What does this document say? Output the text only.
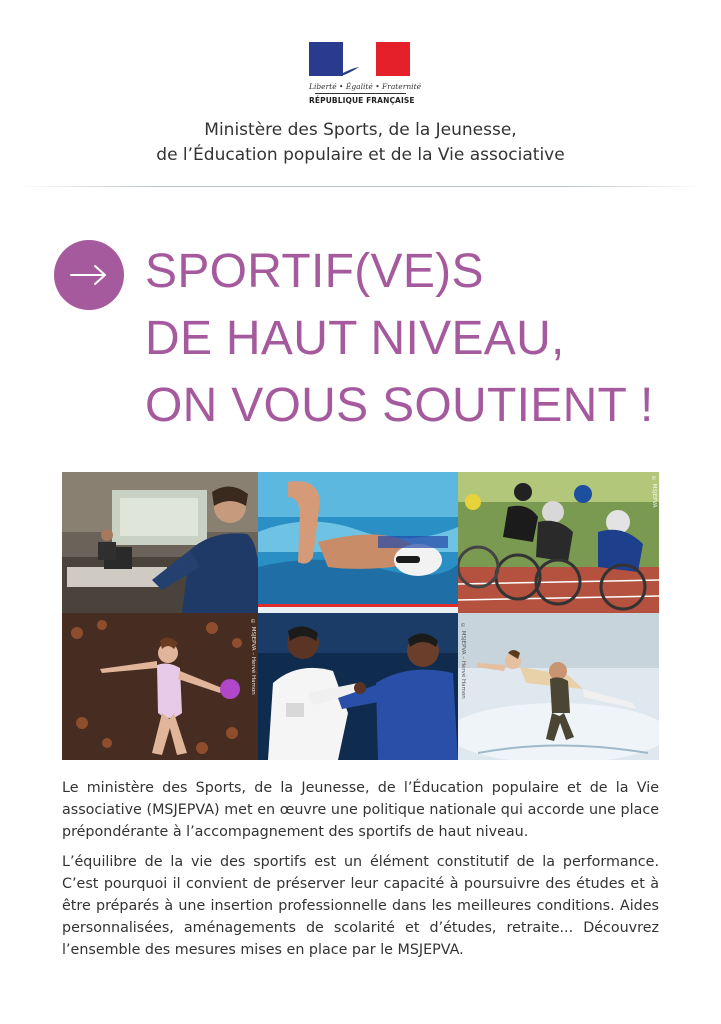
Liberté • Égalité • Fraternité
RÉPUBLIQUE FRANÇAISE
Ministère des Sports, de la Jeunesse,
de l’Éducation populaire et de la Vie associative
SPORTIF(VE)S
DE HAUT NIVEAU,
ON VOUS SOUTIENT !
© MSJEPVA
© MSJEPVA – Hervé Hamon	© MSJEPVA – Hervé Hamon

Le ministère des Sports, de la Jeunesse, de l’Éducation populaire et de la Vie associative (MSJEPVA) met en œuvre une politique nationale qui accorde une place prépondérante à l’accompagnement des sportifs de haut niveau.

L’équilibre de la vie des sportifs est un élément constitutif de la performance. C’est pourquoi il convient de préserver leur capacité à poursuivre des études et à être préparés à une insertion professionnelle dans les meilleures conditions. Aides personnalisées, aménagements de scolarité et d’études, retraite... Découvrez l’ensemble des mesures mises en place par le MSJEPVA.
